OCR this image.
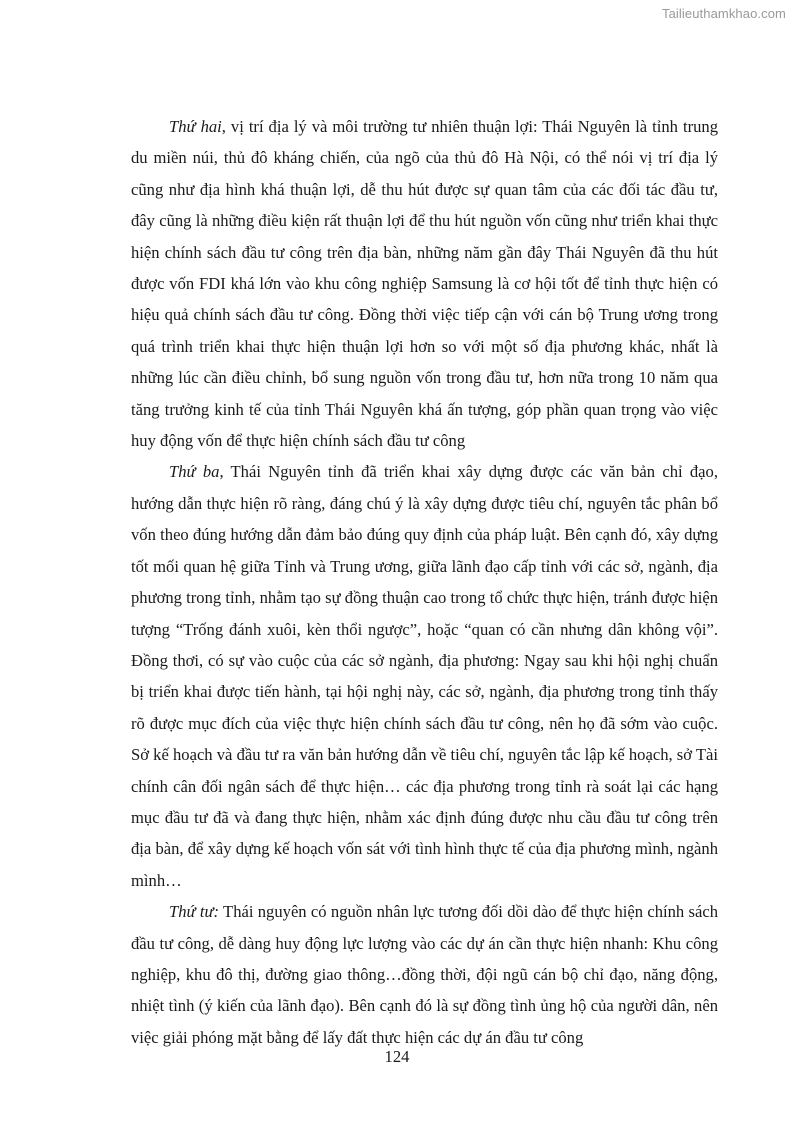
Tailieuthamkhao.com

Thứ hai, vị trí địa lý và môi trường tư nhiên thuận lợi: Thái Nguyên là tỉnh trung du miền núi, thủ đô kháng chiến, của ngõ của thủ đô Hà Nội, có thể nói vị trí địa lý cũng như địa hình khá thuận lợi, dễ thu hút được sự quan tâm của các đối tác đầu tư, đây cũng là những điều kiện rất thuận lợi để thu hút nguồn vốn cũng như triển khai thực hiện chính sách đầu tư công trên địa bàn, những năm gần đây Thái Nguyên đã thu hút được vốn FDI khá lớn vào khu công nghiệp Samsung là cơ hội tốt để tỉnh thực hiện có hiệu quả chính sách đầu tư công. Đồng thời việc tiếp cận với cán bộ Trung ương trong quá trình triển khai thực hiện thuận lợi hơn so với một số địa phương khác, nhất là những lúc cần điều chỉnh, bổ sung nguồn vốn trong đầu tư, hơn nữa trong 10 năm qua tăng trưởng kinh tế của tỉnh Thái Nguyên khá ấn tượng, góp phần quan trọng vào việc huy động vốn để thực hiện chính sách đầu tư công

Thứ ba, Thái Nguyên tỉnh đã triển khai xây dựng được các văn bản chỉ đạo, hướng dẫn thực hiện rõ ràng, đáng chú ý là xây dựng được tiêu chí, nguyên tắc phân bổ vốn theo đúng hướng dẫn đảm bảo đúng quy định của pháp luật. Bên cạnh đó, xây dựng tốt mối quan hệ giữa Tỉnh và Trung ương, giữa lãnh đạo cấp tỉnh với các sở, ngành, địa phương trong tỉnh, nhằm tạo sự đồng thuận cao trong tổ chức thực hiện, tránh được hiện tượng “Trống đánh xuôi, kèn thổi ngược”, hoặc “quan có cần nhưng dân không vội”. Đồng thơi, có sự vào cuộc của các sở ngành, địa phương: Ngay sau khi hội nghị chuẩn bị triển khai được tiến hành, tại hội nghị này, các sở, ngành, địa phương trong tỉnh thấy rõ được mục đích của việc thực hiện chính sách đầu tư công, nên họ đã sớm vào cuộc. Sở kế hoạch và đầu tư ra văn bản hướng dẫn về tiêu chí, nguyên tắc lập kế hoạch, sở Tài chính cân đối ngân sách để thực hiện… các địa phương trong tỉnh rà soát lại các hạng mục đầu tư đã và đang thực hiện, nhằm xác định đúng được nhu cầu đầu tư công trên địa bàn, để xây dựng kế hoạch vốn sát với tình hình thực tế của địa phương mình, ngành mình…

Thứ tư: Thái nguyên có nguồn nhân lực tương đối dồi dào để thực hiện chính sách đầu tư công, dễ dàng huy động lực lượng vào các dự án cần thực hiện nhanh: Khu công nghiệp, khu đô thị, đường giao thông…đồng thời, đội ngũ cán bộ chỉ đạo, năng động, nhiệt tình (ý kiến của lãnh đạo). Bên cạnh đó là sự đồng tình ủng hộ của người dân, nên việc giải phóng mặt bằng để lấy đất thực hiện các dự án đầu tư công

124
